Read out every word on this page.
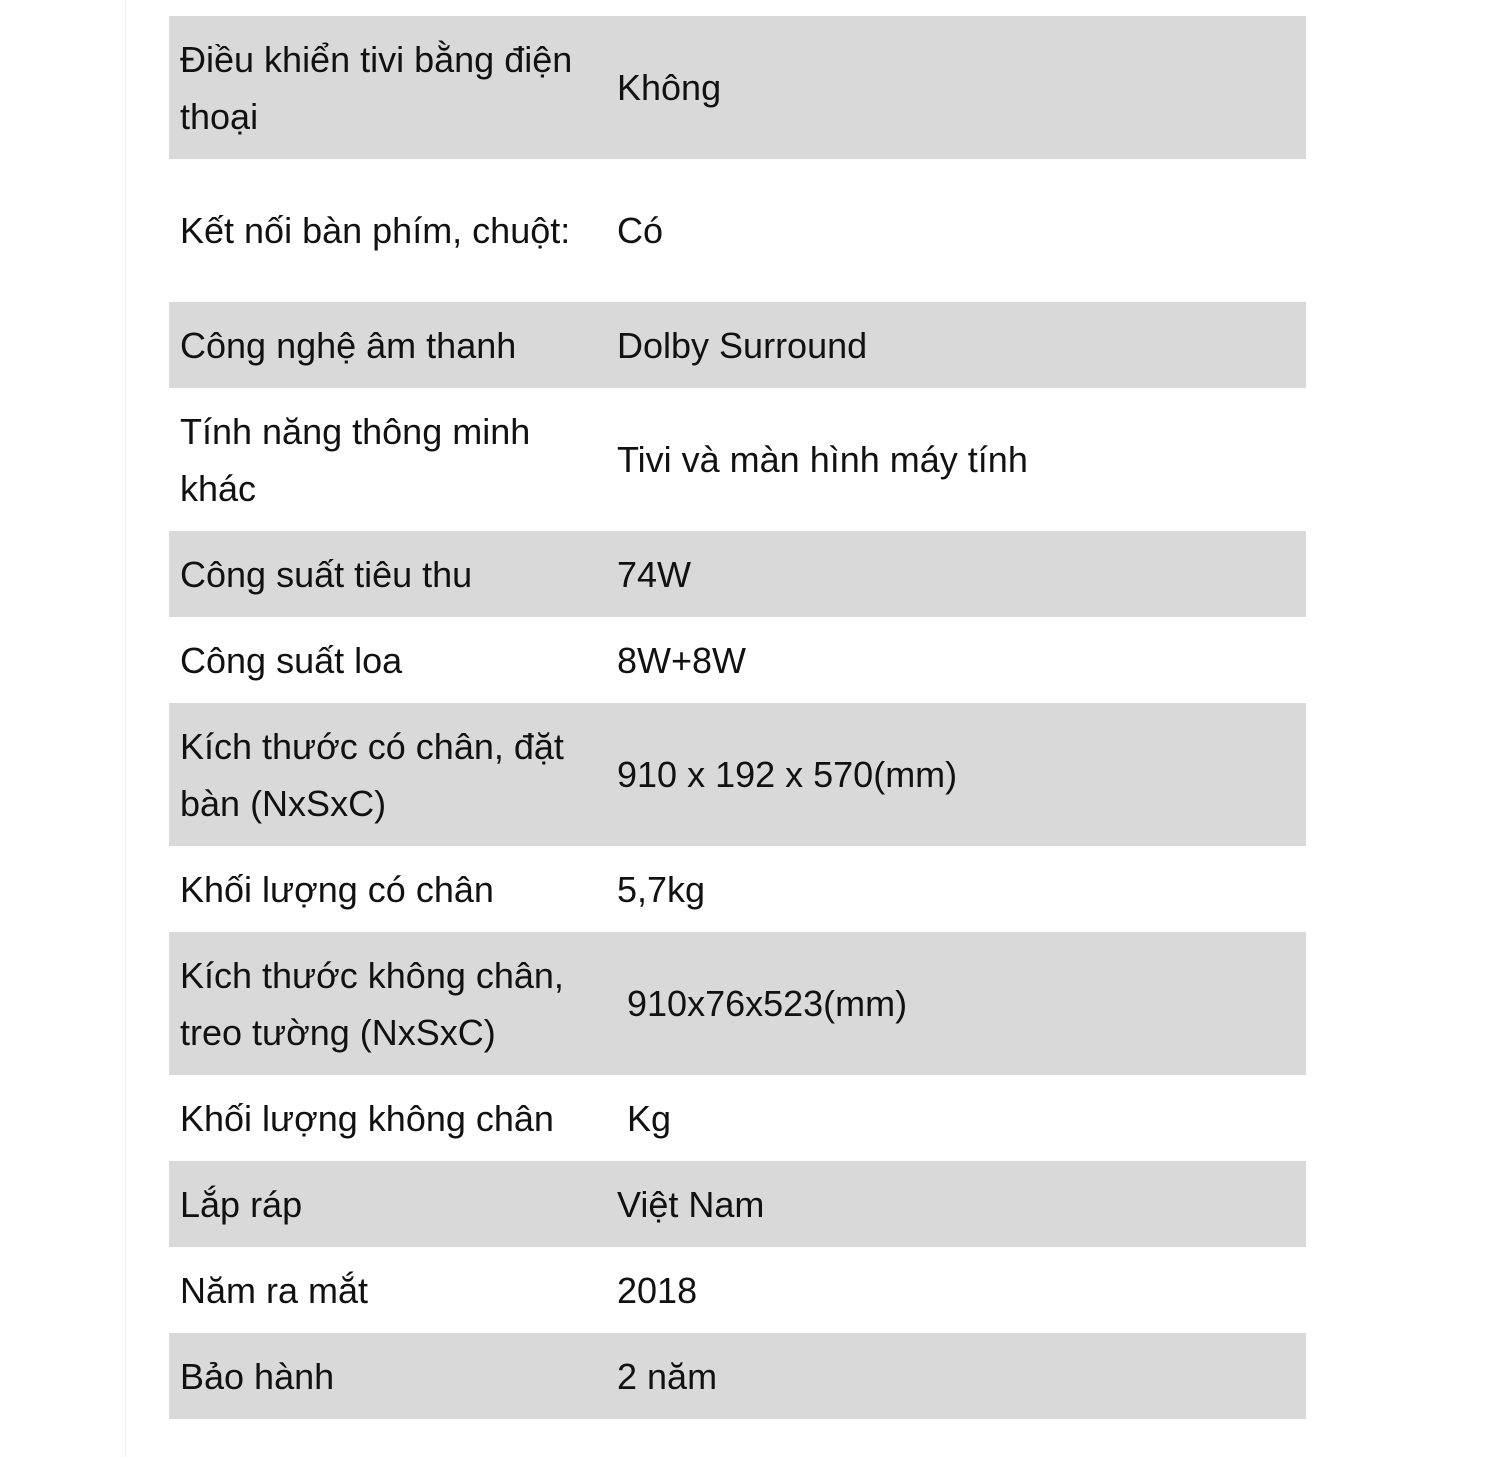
Điều khiển tivi bằng điện thoại	Không
Kết nối bàn phím, chuột:	Có
Công nghệ âm thanh	Dolby Surround
Tính năng thông minh khác	Tivi và màn hình máy tính
Công suất tiêu thu	74W
Công suất loa	8W+8W
Kích thước có chân, đặt bàn (NxSxC)	910 x 192 x 570(mm)
Khối lượng có chân	5,7kg
Kích thước không chân, treo tường (NxSxC)	910x76x523(mm)
Khối lượng không chân	Kg
Lắp ráp	Việt Nam
Năm ra mắt	2018
Bảo hành	2 năm
